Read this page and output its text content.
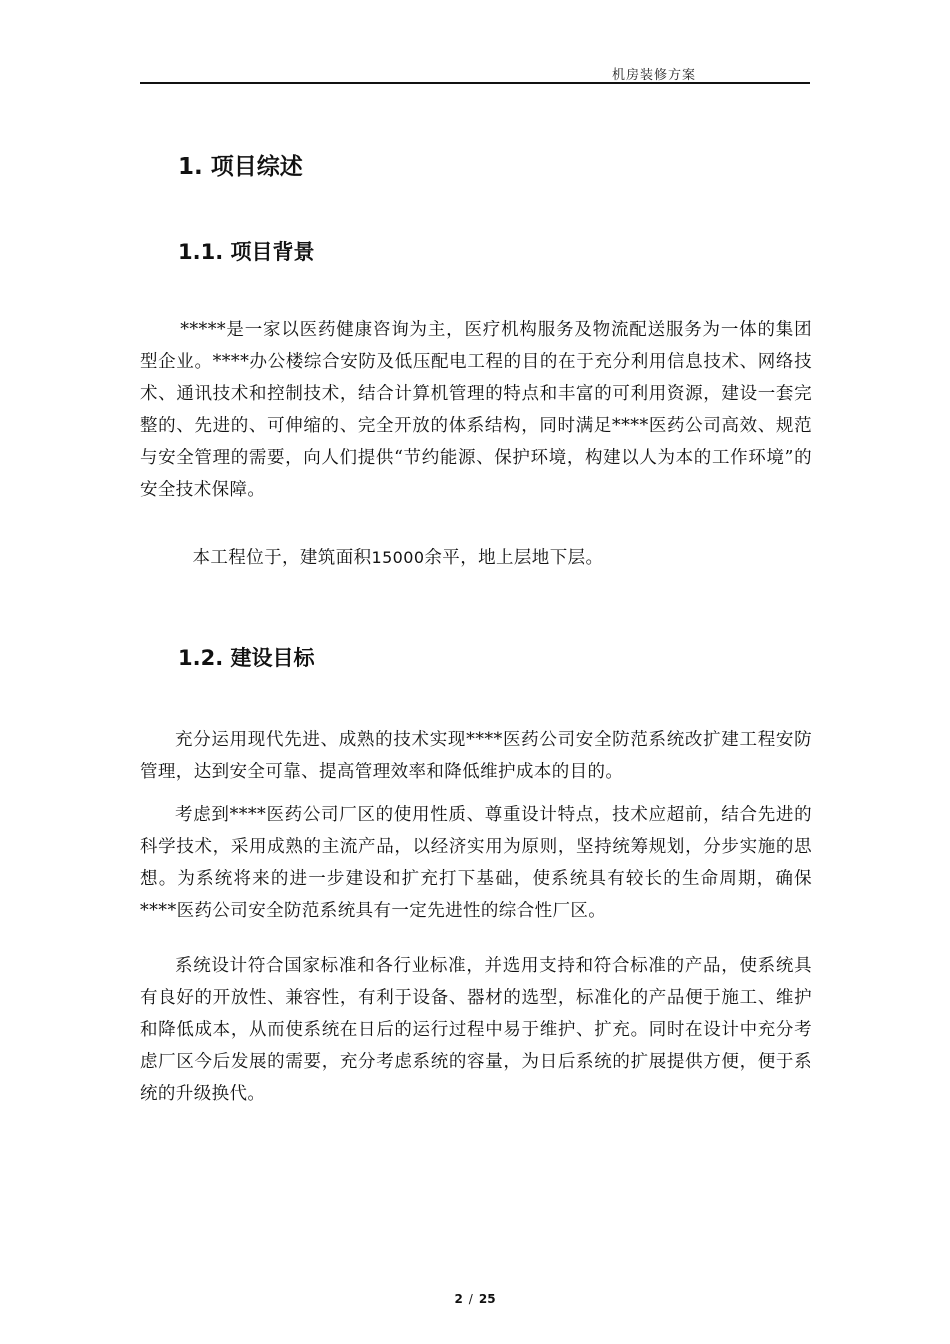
机房装修方案
1. 项目综述
1.1. 项目背景

*****是一家以医药健康咨询为主，医疗机构服务及物流配送服务为一体的集团型企业。****办公楼综合安防及低压配电工程的目的在于充分利用信息技术、网络技术、通讯技术和控制技术，结合计算机管理的特点和丰富的可利用资源，建设一套完整的、先进的、可伸缩的、完全开放的体系结构，同时满足****医药公司高效、规范与安全管理的需要，向人们提供“节约能源、保护环境，构建以人为本的工作环境”的安全技术保障。

本工程位于，建筑面积15000余平，地上层地下层。

1.2. 建设目标

充分运用现代先进、成熟的技术实现****医药公司安全防范系统改扩建工程安防管理，达到安全可靠、提高管理效率和降低维护成本的目的。

考虑到****医药公司厂区的使用性质、尊重设计特点，技术应超前，结合先进的科学技术，采用成熟的主流产品，以经济实用为原则，坚持统筹规划，分步实施的思想。为系统将来的进一步建设和扩充打下基础，使系统具有较长的生命周期，确保****医药公司安全防范系统具有一定先进性的综合性厂区。

系统设计符合国家标准和各行业标准，并选用支持和符合标准的产品，使系统具有良好的开放性、兼容性，有利于设备、器材的选型，标准化的产品便于施工、维护和降低成本，从而使系统在日后的运行过程中易于维护、扩充。同时在设计中充分考虑厂区今后发展的需要，充分考虑系统的容量，为日后系统的扩展提供方便，便于系统的升级换代。

2 / 25
